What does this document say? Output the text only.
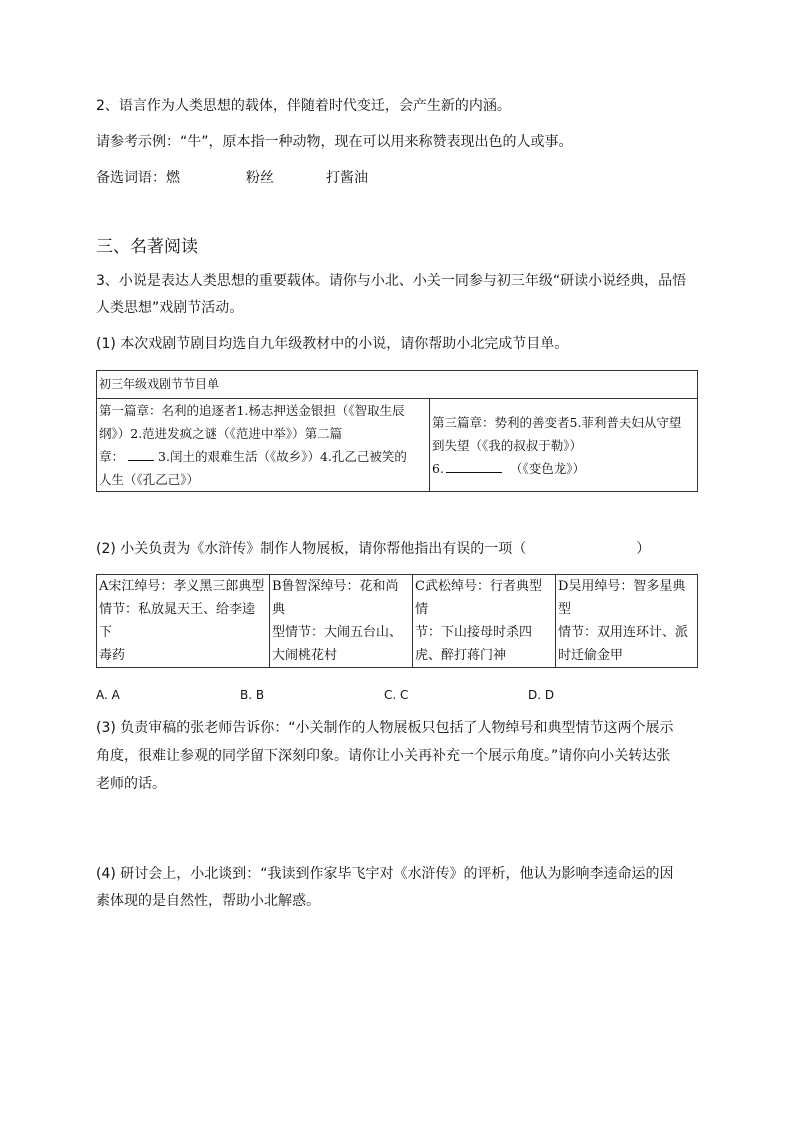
2、语言作为人类思想的载体，伴随着时代变迁，会产生新的内涵。
请参考示例：“牛”，原本指一种动物，现在可以用来称赞表现出色的人或事。
备选词语：燃	粉丝	打酱油
三、名著阅读
3、小说是表达人类思想的重要载体。请你与小北、小关一同参与初三年级“研读小说经典，品悟
人类思想”戏剧节活动。
(1) 本次戏剧节剧目均选自九年级教材中的小说，请你帮助小北完成节目单。
初三年级戏剧节节目单

第一篇章：名利的追逐者1.杨志押送金银担（《智取生辰
纲》）2.范进发疯之谜（《范进中举》）第二篇
章：	3.闰土的艰难生活（《故乡》）4.孔乙己被笑的
人生（《孔乙己》）

第三篇章：势利的善变者5.菲利普夫妇从守望
到失望（《我的叔叔于勒》）
6.	（《变色龙》）
(2) 小关负责为《水浒传》制作人物展板，请你帮他指出有误的一项（	）
A宋江绰号：孝义黑三郎典型
情节：私放晁天王、给李逵下
毒药

B鲁智深绰号：花和尚典
型情节：大闹五台山、
大闹桃花村

C武松绰号：行者典型情
节：下山接母时杀四
虎、醉打蒋门神

D吴用绰号：智多星典型
情节：双用连环计、派
时迁偷金甲
A. A	B. B	C. C	D. D
(3) 负责审稿的张老师告诉你：“小关制作的人物展板只包括了人物绰号和典型情节这两个展示
角度，很难让参观的同学留下深刻印象。请你让小关再补充一个展示角度。”请你向小关转达张
老师的话。
(4) 研讨会上，小北谈到：“我读到作家毕飞宇对《水浒传》的评析，他认为影响李逵命运的因
素体现的是自然性，帮助小北解惑。
